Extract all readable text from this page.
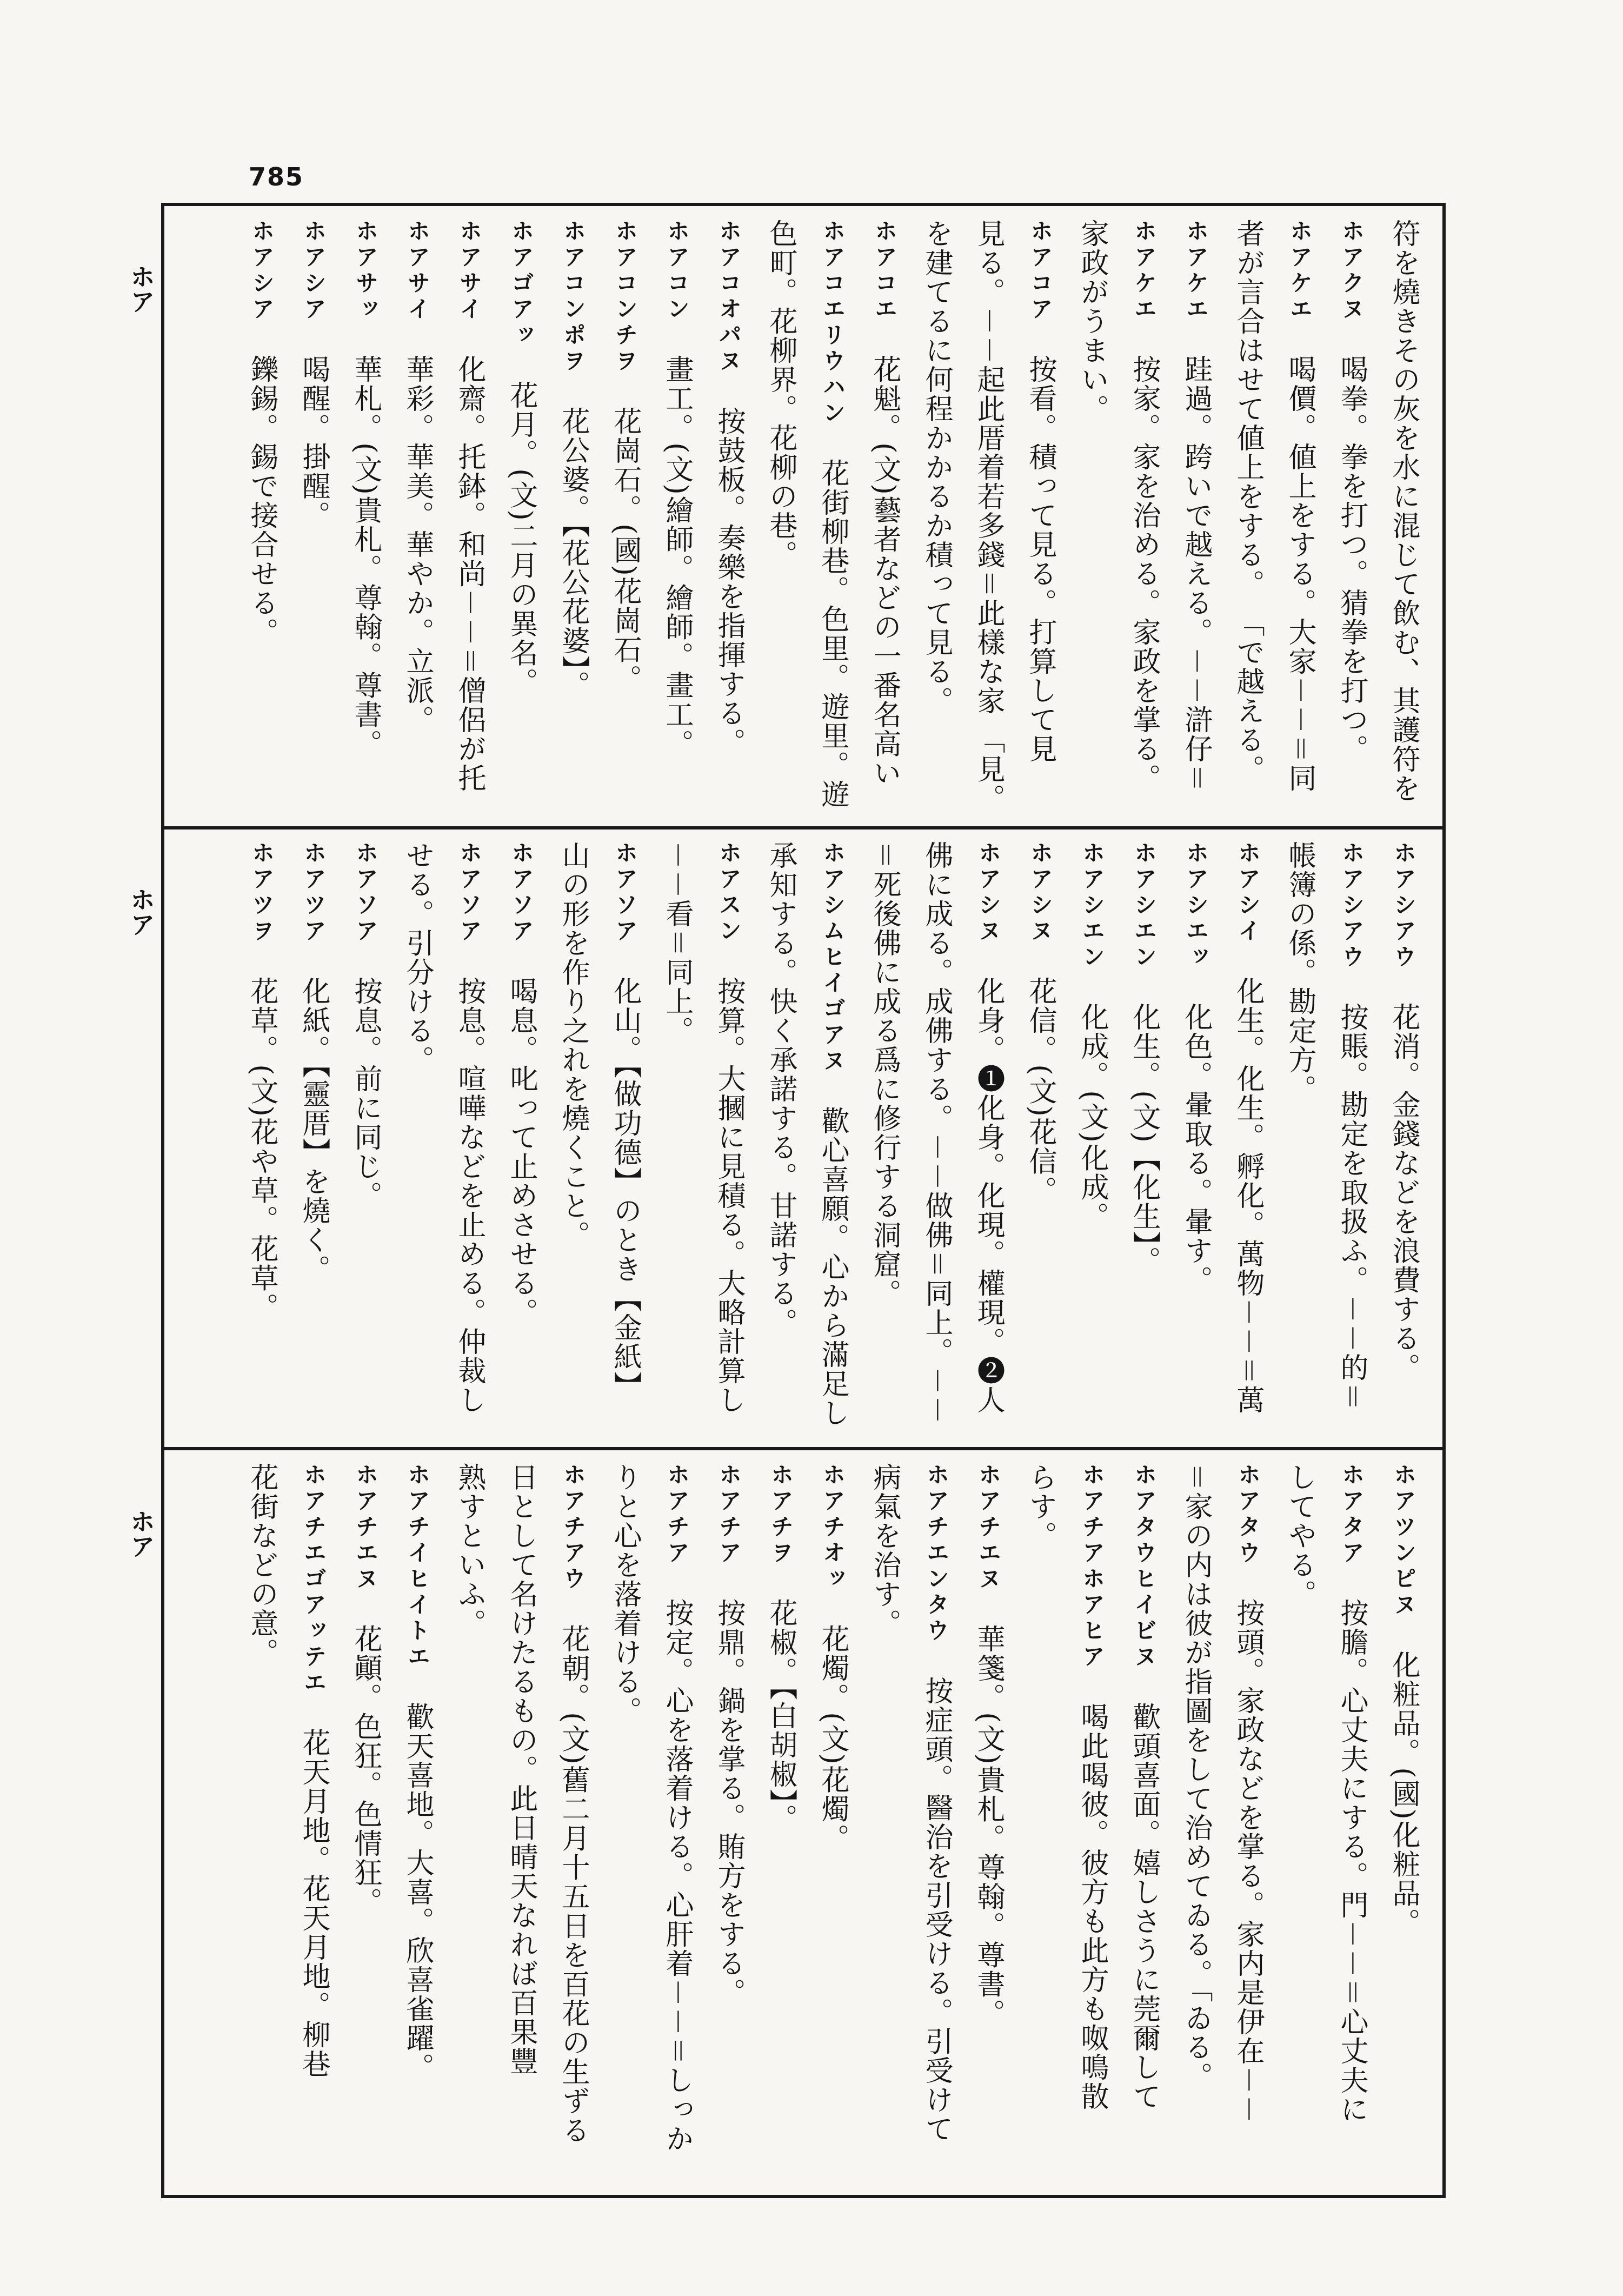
785
ホア
ホア
ホア
符を燒きその灰を水に混じて飲む、其護符を
ホアクヌ喝拳。拳を打つ。猜拳を打つ。
ホアケエ喝價。値上をする。大家－－＝同
者が言合はせて値上をする。 「で越える。
ホアケエ跬過。跨いで越える。－－滸仔＝
ホアケエ按家。家を治める。家政を掌る。
家政がうまい。
ホアコア按看。積って見る。打算して見
見る。－－起此厝着若多錢＝此樣な家 「見。
を建てるに何程かかるか積って見る。
ホアコエ花魁。(文)藝者などの一番名高い
ホアコエリウハン花街柳巷。色里。遊里。遊
色町。花柳界。花柳の巷。
ホアコオパヌ按鼓板。奏樂を指揮する。
ホアコン畫工。(文)繪師。繪師。畫工。
ホアコンチヲ花崗石。(國)花崗石。
ホアコンポヲ花公婆。【花公花婆】。
ホアゴアッ花月。(文)二月の異名。
ホアサイ化齋。托鉢。和尚－－＝僧侶が托
ホアサイ華彩。華美。華やか。立派。
ホアサッ華札。(文)貴札。尊翰。尊書。
ホアシア喝醒。掛醒。
ホアシア鑠錫。錫で接合せる。
ホアシアウ花消。金錢などを浪費する。
ホアシアウ按賬。勘定を取扱ふ。－－的＝
帳簿の係。勘定方。
ホアシイ化生。化生。孵化。萬物－－＝萬
ホアシエッ化色。暈取る。暈す。
ホアシエン化生。(文)【化生】。
ホアシエン化成。(文)化成。
ホアシヌ花信。(文)花信。
ホアシヌ化身。❶化身。化現。權現。❷人
佛に成る。成佛する。－－做佛＝同上。－－
＝死後佛に成る爲に修行する洞窟。
ホアシムヒイゴアヌ歡心喜願。心から滿足し
承知する。快く承諾する。甘諾する。
ホアスン按算。大摑に見積る。大略計算し
－－看＝同上。
ホアソア化山。【做功德】のとき【金紙】
山の形を作り之れを燒くこと。
ホアソア喝息。叱って止めさせる。
ホアソア按息。喧嘩などを止める。仲裁し
せる。引分ける。
ホアソア按息。前に同じ。
ホアツア化紙。【靈厝】を燒く。
ホアツヲ花草。(文)花や草。花草。
ホアツンピヌ化粧品。(國)化粧品。
ホアタア按膽。心丈夫にする。門－－＝心丈夫に
してやる。
ホアタウ按頭。家政などを掌る。家内是伊在－－
＝家の内は彼が指圖をして治めてゐる。「ゐる。
ホアタウヒイビヌ歡頭喜面。嬉しさうに莞爾して
ホアチアホアヒア喝此喝彼。彼方も此方も呶鳴散
らす。
ホアチエヌ華箋。(文)貴札。尊翰。尊書。
ホアチエンタウ按症頭。醫治を引受ける。引受けて
病氣を治す。
ホアチオッ花燭。(文)花燭。
ホアチヲ花椒。【白胡椒】。
ホアチア按鼎。鍋を掌る。賄方をする。
ホアチア按定。心を落着ける。心肝着－－＝しっか
りと心を落着ける。
ホアチアウ花朝。(文)舊二月十五日を百花の生ずる
日として名けたるもの。此日晴天なれば百果豐
熟すといふ。
ホアチイヒイトエ歡天喜地。大喜。欣喜雀躍。
ホアチエヌ花顚。色狂。色情狂。
ホアチエゴアッテエ花天月地。花天月地。柳巷
花街などの意。
